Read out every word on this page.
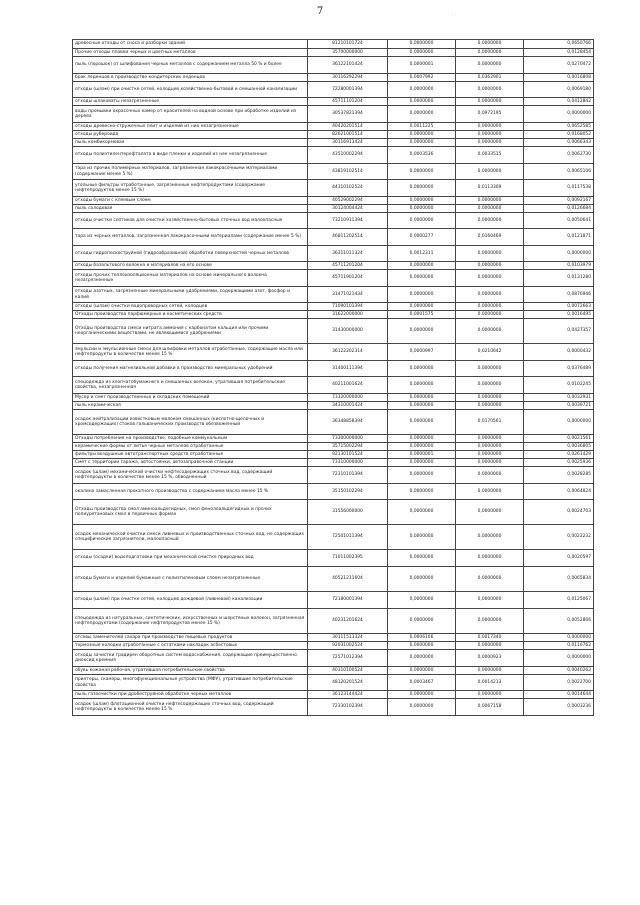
7	· ·
древесные отходы от сноса и разборки зданий	81210101724	0,0000000	0,0000000	0,0650766
Прочие отходы плавки черных и цветных металлов	35700000000	0,0000000	0,0000000	0,0128454
пыль (порошок) от шлифования черных металлов с содержанием металла 50 % и более	36122101424	0,0000001	0,0000000	0,0270472
брак леденцов в производстве кондитерских леденцов	30116292294	0,0007992	0,0362901	0,0016808
отходы (шлам) при очистке сетей, колодцев хозяйственно-бытовой и смешанной канализации	72280001394	0,0000000	0,0000000	0,0069180
отходы шлаковаты незагрязненные	45711101204	0,0000000	0,0000000	0,0412842
воды промывки окрасочных камер от красителей на водной основе при обработке изделий из дерева	30537821394	0,0000000	0,0972195	0,0000000
отходы древесно-стружечных плит и изделий из них незагрязненные	40420201514	0,0011225	0,0000000	0,0652585
отходы рубероида	82621001514	0,0000000	0,0000000	0,0168052
пыль комбикормовая	30116913424	0,0000000	0,0000000	0,0066343
отходы полиэтилентерефталата в виде пленки и изделий из нее незагрязненные	43510002294	0,0003536	0,0033515	0,0062730
тара из прочих полимерных материалов, загрязненная лакокрасочными материалами (содержание менее 5 %)	43819102514	0,0000000	0,0000000	0,0065106
угольные фильтры отработанные, загрязненные нефтепродуктами (содержание нефтепродуктов менее 15 %)	44310102524	0,0000000	0,0113309	0,0117538
отходы бумаги с клеевым слоем	40529002294	0,0000000	0,0000000	0,0092167
пыль солодовая	30124004424	0,0000000	0,0000000	0,0126684
отходы очистки септиков для очистки хозяйственно-бытовых сточных вод малоопасные	73210911394	0,0000000	0,0000000	0,0050641
тара из черных металлов, загрязненная лакокрасочными материалами (содержание менее 5 %)	46811202514	0,0000277	0,0160469	0,0121871
отходы гидропескоструйной (гидроабразивной) обработки поверхностей черных металлов	36311011324	0,0012311	0,0000000	0,0000000
отходы базальтового волокна и материалов на его основе	45711201204	0,0000000	0,0000000	0,0103979
отходы прочих теплоизоляционных материалов на основе минерального волокна незагрязненные	45711901204	0,0000000	0,0000000	0,0131280
отходы азотных, загрязненные минеральными удобрениями, содержащими азот, фосфор и калий	31471021434	0,0000000	0,0000000	0,0876946
отходы (шлам) очистки водопроводных сетей, колодцев	71090101394	0,0000000	0,0000000	0,0072663
Отходы производства парфюмерных и косметических средств	31622000000	0,0001575	0,0000000	0,0016495
Отходы производства смеси нитрата аммония с карбонатом кальция или прочими неорганическими веществами, не являющимися удобрениями	31430000000	0,0000000	0,0000000	0,0427357
эмульсии и эмульсионные смеси для шлифовки металлов отработанные, содержащие масла или нефтепродукты в количестве менее 15 %	36122202314	0,0000997	0,0210642	0,0000432
отходы получения магнезиальной добавки в производство минеральных удобрений	31400111394	0,0000000	0,0000000	0,0376489
спецодежда из хлопчатобумажного и смешанных волокон, утратившая потребительские свойства, незагрязненная	40211001624	0,0000000	0,0000000	0,0102245
Мусор и смет производственных и складских помещений	73320000000	0,0000000	0,0000000	0,0032931
пыль керамическая	34310001424	0,0000000	0,0000000	0,0039721
осадок нейтрализации известковым молоком смешанных (кислотно-щелочных и хромсодержащих) стоков гальванических производств обезвоженный	36348858394	0,0000000	0,0170561	0,0000000
Отходы потребления на производстве, подобные коммунальным	73300000000	0,0000000	0,0000000	0,0021561
керамические формы от литья черных металлов отработанные	35715002294	0,0000000	0,0000000	0,0036805
фильтры воздушные автотранспортных средств отработанные	92130101524	0,0000001	0,0000000	0,0261429
Смет с территории гаража, автостоянки, автозаправочной станции	73310000000	0,0000000	0,0000000	0,0025936
осадок (шлам) механической очистки нефтесодержащих сточных вод, содержащий нефтепродукты в количестве менее 15 %, обводненный	72310101394	0,0000000	0,0000000	0,0028285
окалина замасленная прокатного производства с содержанием масла менее 15 %	35150102294	0,0000000	0,0000000	0,0064824
Отходы производства смол аминоальдегидных, смол фенолоальдегидных и прочих полиуретановых смол в первичных формах	31556000000	0,0000000	0,0000000	0,0024703
осадок механической очистки смеси ливневых и производственных сточных вод, не содержащих специфические загрязнители, малоопасный	72501011394	0,0000000	0,0000000	0,0022232
отходы (осадки) водоподготовки при механической очистке природных вод	71011002395	0,0000000	0,0000000	0,0020597
отходы бумаги и изделий бумажные с полиэтиленовым слоем незагрязненные	40521211604	0,0000000	0,0000000	0,0065834
отходы (шлам) при очистке сетей, колодцев дождевой (ливневой) канализации	72180001394	0,0000000	0,0000000	0,0125067
спецодежда из натуральных, синтетических, искусственных и шерстяных волокон, загрязненная нефтепродуктами (содержание нефтепродуктов менее 15 %)	40231201624	0,0000000	0,0000000	0,0052806
отсевы заменителей сахара при производстве пищевых продуктов	30111513324	0,0006106	0,0017340	0,0000000
тормозные колодки отработанные с остатками накладок асбестовых	92031002524	0,0000000	0,0000000	0,0116762
отходы зачистки градирен оборотных систем водоснабжения, содержащие преимущественно диоксид кремния	72571012394	0,0000000	0,0000923	0,0000000
обувь кожаная рабочая, утратившая потребительские свойства	40310100524	0,0000000	0,0000000	0,0040263
принтеры, сканеры, многофункциональные устройства (МФУ), утратившие потребительские свойства	48120201524	0,0003467	0,0014213	0,0022700
пыль газоочистки при дробеструйной обработке черных металлов	36123144424	0,0000000	0,0000000	0,0014644
осадок (шлам) флотационной очистки нефтесодержащих сточных вод, содержащий нефтепродукты в количестве менее 15 %	72330102394	0,0000000	0,0067158	0,0003236
